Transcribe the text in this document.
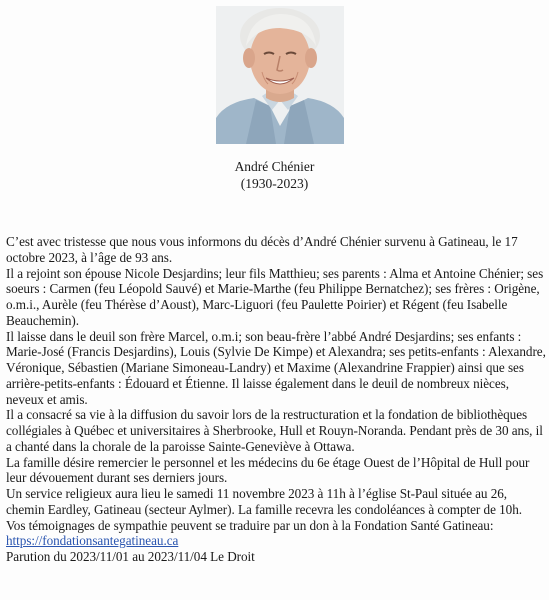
André Chénier
(1930-2023)

C’est avec tristesse que nous vous informons du décès d’André Chénier survenu à Gatineau, le 17 octobre 2023, à l’âge de 93 ans.

Il a rejoint son épouse Nicole Desjardins; leur fils Matthieu; ses parents : Alma et Antoine Chénier; ses soeurs : Carmen (feu Léopold Sauvé) et Marie-Marthe (feu Philippe Bernatchez); ses frères : Origène, o.m.i., Aurèle (feu Thérèse d’Aoust), Marc-Liguori (feu Paulette Poirier) et Régent (feu Isabelle Beauchemin).

Il laisse dans le deuil son frère Marcel, o.m.i; son beau-frère l’abbé André Desjardins; ses enfants : Marie-José (Francis Desjardins), Louis (Sylvie De Kimpe) et Alexandra; ses petits-enfants : Alexandre, Véronique, Sébastien (Mariane Simoneau-Landry) et Maxime (Alexandrine Frappier) ainsi que ses arrière-petits-enfants : Édouard et Étienne. Il laisse également dans le deuil de nombreux nièces, neveux et amis.

Il a consacré sa vie à la diffusion du savoir lors de la restructuration et la fondation de bibliothèques collégiales à Québec et universitaires à Sherbrooke, Hull et Rouyn-Noranda. Pendant près de 30 ans, il a chanté dans la chorale de la paroisse Sainte-Geneviève à Ottawa.

La famille désire remercier le personnel et les médecins du 6e étage Ouest de l’Hôpital de Hull pour leur dévouement durant ses derniers jours.

Un service religieux aura lieu le samedi 11 novembre 2023 à 11h à l’église St-Paul située au 26, chemin Eardley, Gatineau (secteur Aylmer). La famille recevra les condoléances à compter de 10h.

Vos témoignages de sympathie peuvent se traduire par un don à la Fondation Santé Gatineau:

https://fondationsantegatineau.ca

Parution du 2023/11/01 au 2023/11/04 Le Droit
